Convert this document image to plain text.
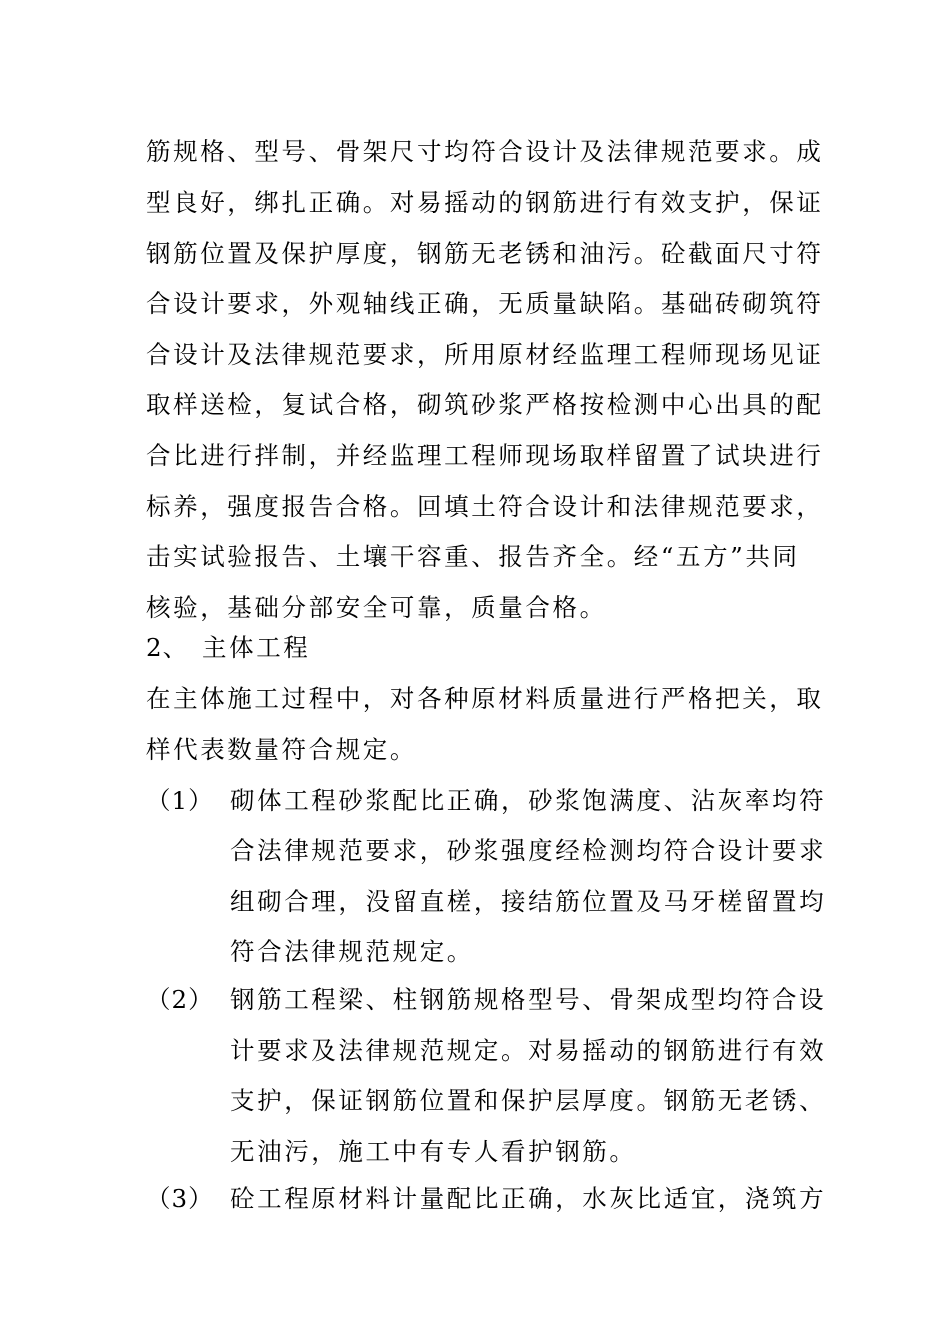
筋规格、型号、骨架尺寸均符合设计及法律规范要求。成
型良好，绑扎正确。对易摇动的钢筋进行有效支护，保证
钢筋位置及保护厚度，钢筋无老锈和油污。砼截面尺寸符
合设计要求，外观轴线正确，无质量缺陷。基础砖砌筑符
合设计及法律规范要求，所用原材经监理工程师现场见证
取样送检，复试合格，砌筑砂浆严格按检测中心出具的配
合比进行拌制，并经监理工程师现场取样留置了试块进行
标养，强度报告合格。回填土符合设计和法律规范要求，
击实试验报告、土壤干容重、报告齐全。经“五方”共同
核验，基础分部安全可靠，质量合格。
2、 主体工程
在主体施工过程中，对各种原材料质量进行严格把关，取
样代表数量符合规定。
（1） 砌体工程砂浆配比正确，砂浆饱满度、沾灰率均符
合法律规范要求，砂浆强度经检测均符合设计要求
组砌合理，没留直槎，接结筋位置及马牙槎留置均
符合法律规范规定。
（2） 钢筋工程梁、柱钢筋规格型号、骨架成型均符合设
计要求及法律规范规定。对易摇动的钢筋进行有效
支护，保证钢筋位置和保护层厚度。钢筋无老锈、
无油污，施工中有专人看护钢筋。
（3） 砼工程原材料计量配比正确，水灰比适宜，浇筑方
